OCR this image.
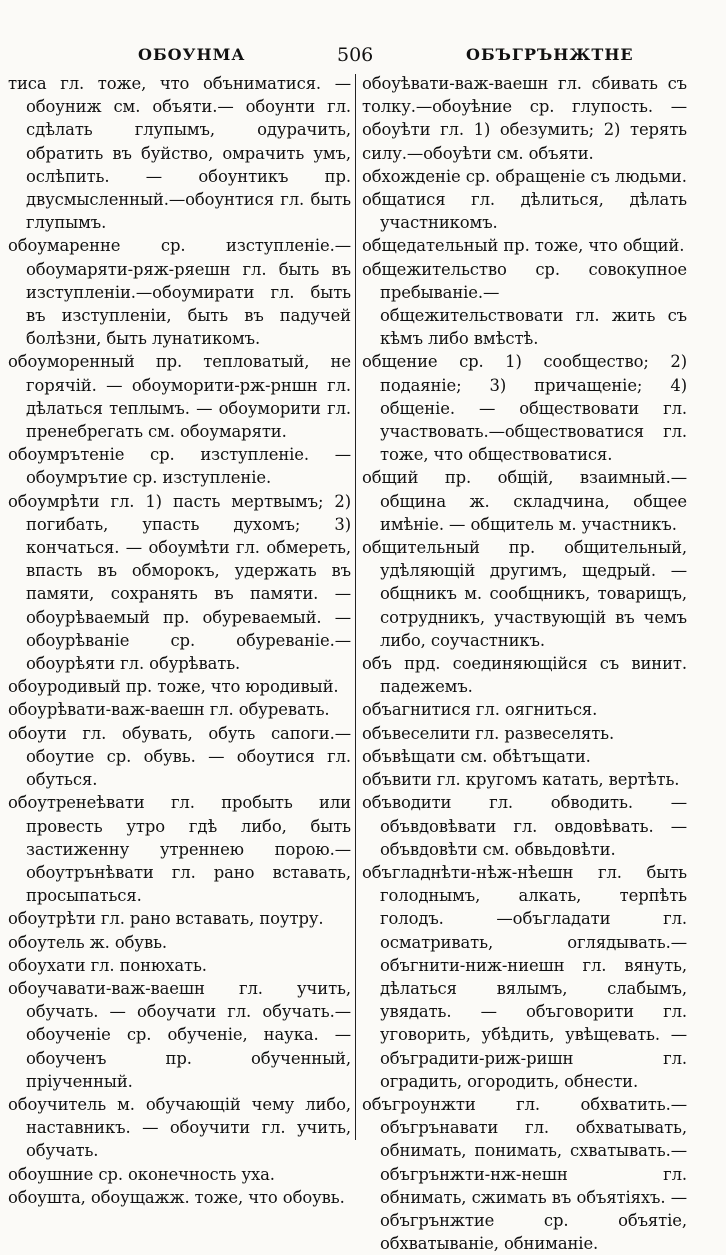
ОБОУНМА	506	ОБЪГРЪНЖТНЕ

тиса гл. тоже, что объниматися. — обоуниж см. объяти.— обоунти гл. сдѣлать глупымъ, одурачить, обратить въ буйство, омрачить умъ, ослѣпить. — обоунтикъ пр. двусмысленный.—обоунтися гл. быть глупымъ.

обоумаренне ср. изступленіе.—обоумаряти-ряж-ряешн гл. быть въ изступленіи.—обоумирати гл. быть въ изступленіи, быть въ падучей болѣзни, быть лунатикомъ.

обоуморенный пр. тепловатый, не горячій. — обоуморити-рж-рншн гл. дѣлаться теплымъ. — обоуморити гл. пренебрегать см. обоумаряти.

обоумрътеніе ср. изступленіе. — обоумрътие ср. изступленіе.

обоумрѣти гл. 1) пасть мертвымъ; 2) погибать, упасть духомъ; 3) кончаться. — обоумѣти гл. обмереть, впасть въ обморокъ, удержать въ памяти, сохранять въ памяти. — обоурѣваемый пр. обуреваемый. — обоурѣваніе ср. обуреваніе.—обоурѣяти гл. обурѣвать.

обоуродивый пр. тоже, что юродивый.

обоурѣвати-важ-ваешн гл. обуревать.

обоути гл. обувать, обуть сапоги.— обоутие ср. обувь. — обоутися гл. обуться.

обоутренеѣвати гл. пробыть или провесть утро гдѣ либо, быть застиженну утреннею порою.—обоутрънѣвати гл. рано вставать, просыпаться.

обоутрѣти гл. рано вставать, поутру.

обоутель ж. обувь.

обоухати гл. понюхать.

обоучавати-важ-ваешн гл. учить, обучать. — обоучати гл. обучать.— обоученіе ср. обученіе, наука. — обоученъ пр. обученный, пріученный.

обоучитель м. обучающій чему либо, наставникъ. — обоучити гл. учить, обучать.

обоушние ср. оконечность уха.

обоушта, обоущажж. тоже, что обоувь.

обоуѣвати-важ-ваешн гл. сбивать съ толку.—обоуѣние ср. глупость. —обоуѣти гл. 1) обезумить; 2) терять силу.—обоуѣти см. объяти.

обхожденіе ср. обращеніе съ людьми.

общатися гл. дѣлиться, дѣлать участникомъ.

общедательный пр. тоже, что общий.

общежительство ср. совокупное пребываніе.— общежительствовати гл. жить съ кѣмъ либо вмѣстѣ.

общение ср. 1) сообщество; 2) подаяніе; 3) причащеніе; 4) общеніе. — обществовати гл. участвовать.—обществоватися гл. тоже, что обществоватися.

общий пр. общій, взаимный.—община ж. складчина, общее имѣніе. — общитель м. участникъ.

общительный пр. общительный, удѣляющій другимъ, щедрый. — общникъ м. сообщникъ, товарищъ, сотрудникъ, участвующій въ чемъ либо, соучастникъ.

объ прд. соединяющійся съ винит. падежемъ.

объагнитися гл. оягниться.

объвеселити гл. развеселять.

объвѣщати см. обѣтъщати.

объвити гл. кругомъ катать, вертѣть.

объводити гл. обводить. — объвдовѣвати гл. овдовѣвать. — объвдовѣти см. обвьдовѣти.

объгладнѣти-нѣж-нѣешн гл. быть голоднымъ, алкать, терпѣть голодъ. —объгладати гл. осматривать, оглядывать.—объгнити-ниж-ниешн гл. вянуть, дѣлаться вялымъ, слабымъ, увядать. — объговорити гл. уговорить, убѣдить, увѣщевать. — объградити-риж-ришн гл. оградить, огородить, обнести.

объгроунжти гл. обхватить.—объгрънавати гл. обхватывать, обнимать, понимать, схватывать.—объгрънжти-нж-нешн гл. обнимать, сжимать въ объятіяхъ. — объгрънжтие ср. объятіе, обхватываніе, обниманіе.
